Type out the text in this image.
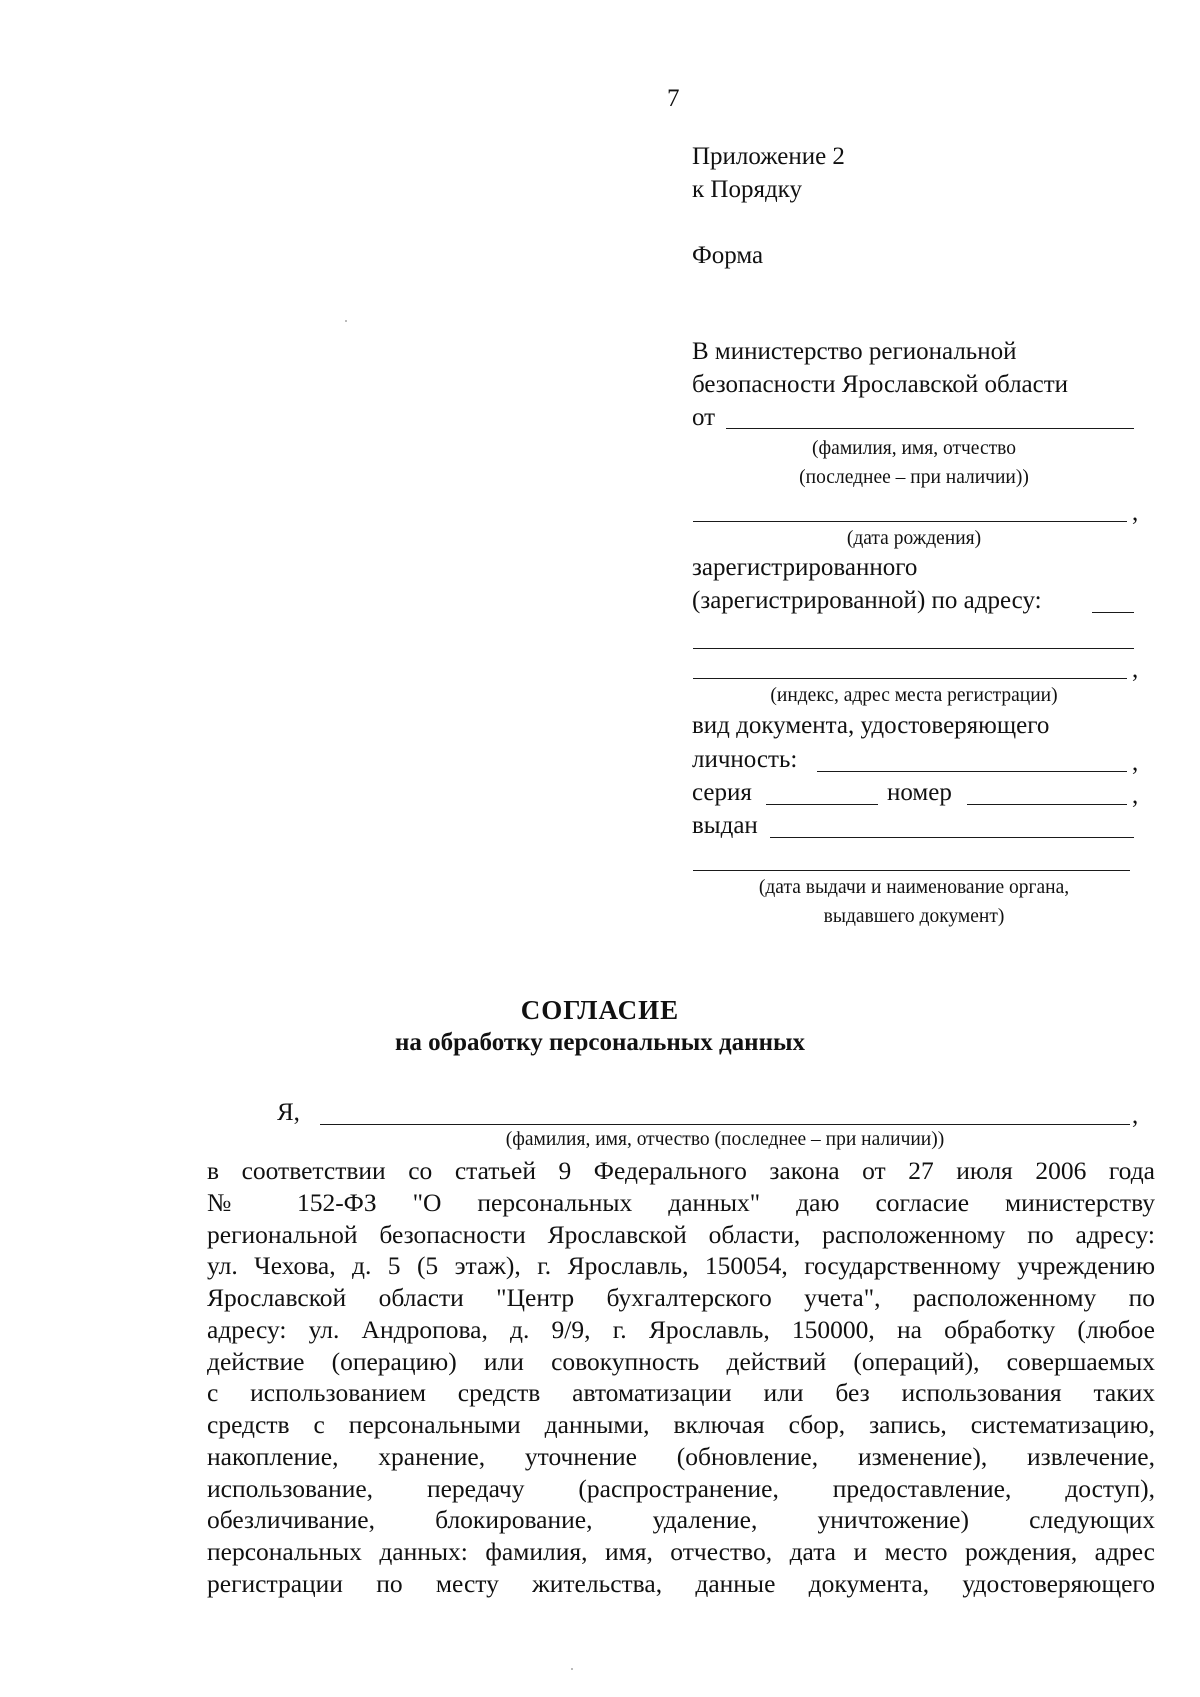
7
Приложение 2
к Порядку
Форма
В министерство региональной
безопасности Ярославской области
от
(фамилия, имя, отчество
(последнее – при наличии))
,
(дата рождения)
зарегистрированного
(зарегистрированной) по адресу:
,
(индекс, адрес места регистрации)
вид документа, удостоверяющего
личность:	,
серия	номер	,
выдан
(дата выдачи и наименование органа,
выдавшего документ)
СОГЛАСИЕ
на обработку персональных данных
Я,	,
(фамилия, имя, отчество (последнее – при наличии))
в соответствии со статьей 9 Федерального закона от 27 июля 2006 года
№ 152-ФЗ "О персональных данных" даю согласие министерству
региональной безопасности Ярославской области, расположенному по адресу:
ул. Чехова, д. 5 (5 этаж), г. Ярославль, 150054, государственному учреждению
Ярославской области "Центр бухгалтерского учета", расположенному по
адресу: ул. Андропова, д. 9/9, г. Ярославль, 150000, на обработку (любое
действие (операцию) или совокупность действий (операций), совершаемых
с использованием средств автоматизации или без использования таких
средств с персональными данными, включая сбор, запись, систематизацию,
накопление, хранение, уточнение (обновление, изменение), извлечение,
использование, передачу (распространение, предоставление, доступ),
обезличивание, блокирование, удаление, уничтожение) следующих
персональных данных: фамилия, имя, отчество, дата и место рождения, адрес
регистрации по месту жительства, данные документа, удостоверяющего
